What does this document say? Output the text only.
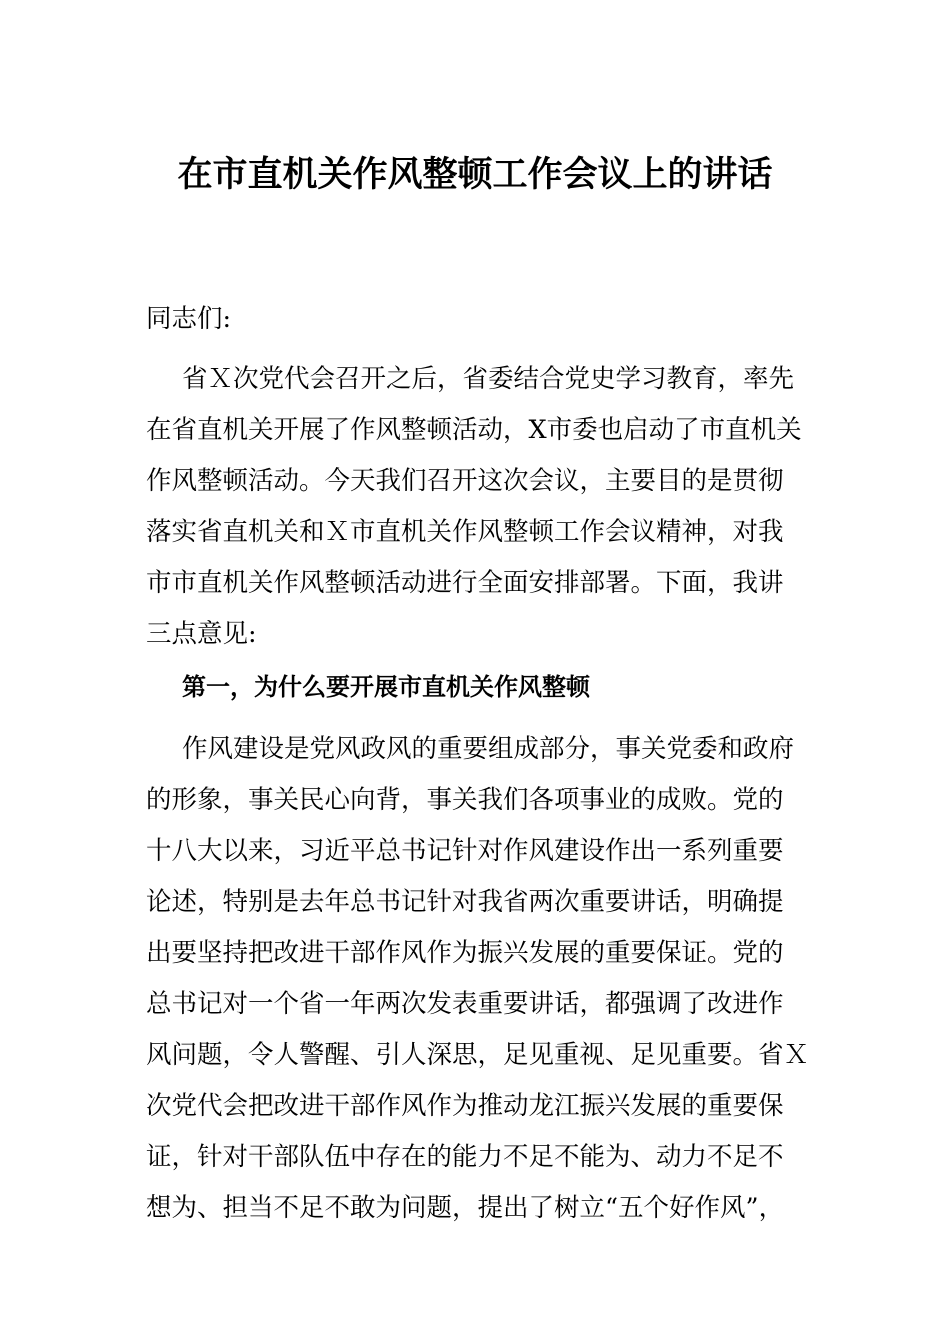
在市直机关作风整顿工作会议上的讲话
同志们:
省Ｘ次党代会召开之后，省委结合党史学习教育，率先
在省直机关开展了作风整顿活动，X市委也启动了市直机关
作风整顿活动。今天我们召开这次会议，主要目的是贯彻
落实省直机关和Ｘ市直机关作风整顿工作会议精神，对我
市市直机关作风整顿活动进行全面安排部署。下面，我讲
三点意见:
第一，为什么要开展市直机关作风整顿
作风建设是党风政风的重要组成部分，事关党委和政府
的形象，事关民心向背，事关我们各项事业的成败。党的
十八大以来，习近平总书记针对作风建设作出一系列重要
论述，特别是去年总书记针对我省两次重要讲话，明确提
出要坚持把改进干部作风作为振兴发展的重要保证。党的
总书记对一个省一年两次发表重要讲话，都强调了改进作
风问题，令人警醒、引人深思，足见重视、足见重要。省Ｘ
次党代会把改进干部作风作为推动龙江振兴发展的重要保
证，针对干部队伍中存在的能力不足不能为、动力不足不
想为、担当不足不敢为问题，提出了树立“五个好作风”，
